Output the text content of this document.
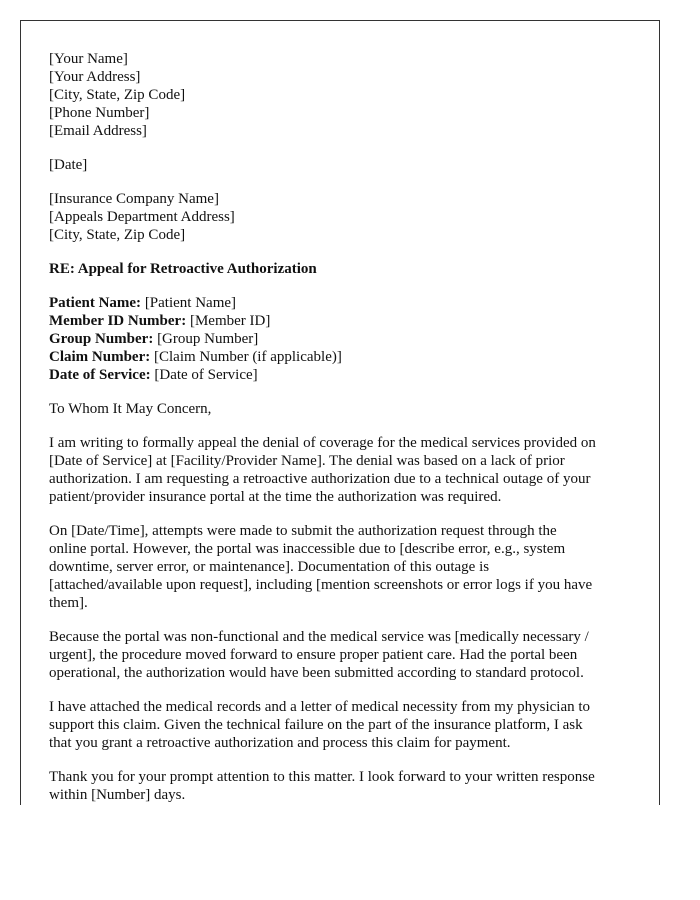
[Your Name]
[Your Address]
[City, State, Zip Code]
[Phone Number]
[Email Address]
[Date]
[Insurance Company Name]
[Appeals Department Address]
[City, State, Zip Code]
RE: Appeal for Retroactive Authorization
Patient Name: [Patient Name]
Member ID Number: [Member ID]
Group Number: [Group Number]
Claim Number: [Claim Number (if applicable)]
Date of Service: [Date of Service]
To Whom It May Concern,
I am writing to formally appeal the denial of coverage for the medical services provided on
[Date of Service] at [Facility/Provider Name]. The denial was based on a lack of prior
authorization. I am requesting a retroactive authorization due to a technical outage of your
patient/provider insurance portal at the time the authorization was required.
On [Date/Time], attempts were made to submit the authorization request through the
online portal. However, the portal was inaccessible due to [describe error, e.g., system
downtime, server error, or maintenance]. Documentation of this outage is
[attached/available upon request], including [mention screenshots or error logs if you have
them].
Because the portal was non-functional and the medical service was [medically necessary /
urgent], the procedure moved forward to ensure proper patient care. Had the portal been
operational, the authorization would have been submitted according to standard protocol.
I have attached the medical records and a letter of medical necessity from my physician to
support this claim. Given the technical failure on the part of the insurance platform, I ask
that you grant a retroactive authorization and process this claim for payment.
Thank you for your prompt attention to this matter. I look forward to your written response
within [Number] days.
